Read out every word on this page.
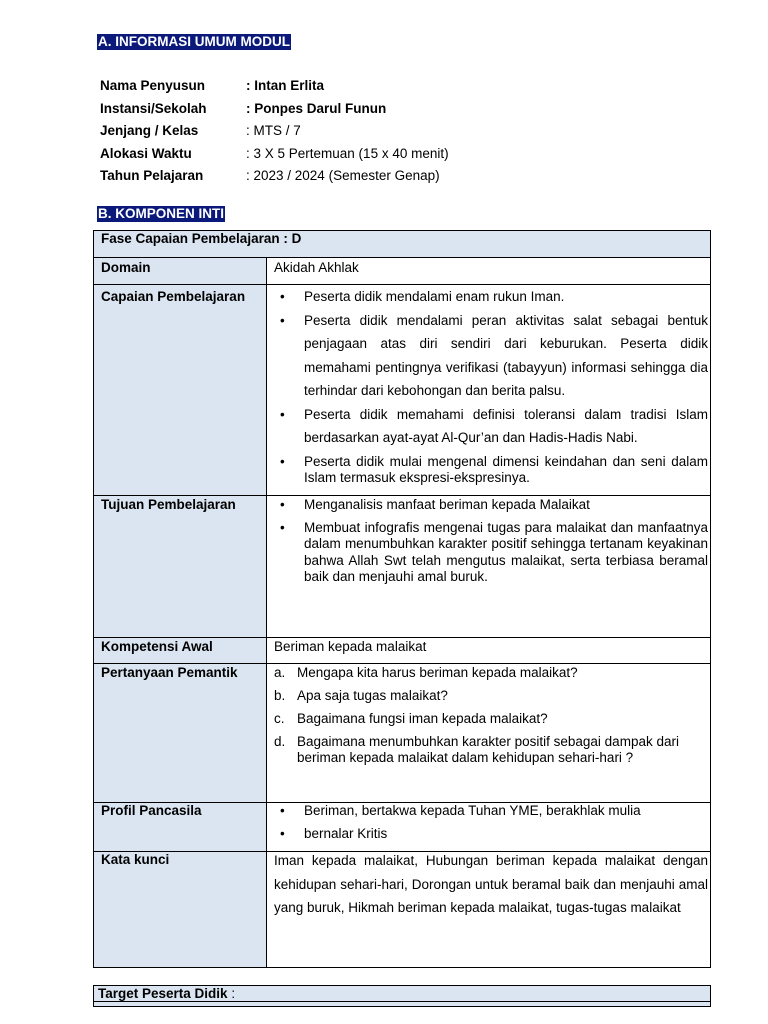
A. INFORMASI UMUM MODUL
Nama Penyusun	: Intan Erlita
Instansi/Sekolah	: Ponpes Darul Funun
Jenjang / Kelas	: MTS / 7
Alokasi Waktu	: 3 X 5 Pertemuan (15 x 40 menit)
Tahun Pelajaran	: 2023 / 2024 (Semester Genap)
B. KOMPONEN INTI
Fase Capaian Pembelajaran : D
Domain	Akidah Akhlak
Capaian Pembelajaran	• Peserta didik mendalami enam rukun Iman.
• Peserta didik mendalami peran aktivitas salat sebagai bentuk penjagaan atas diri sendiri dari keburukan. Peserta didik memahami pentingnya verifikasi (tabayyun) informasi sehingga dia terhindar dari kebohongan dan berita palsu.
• Peserta didik memahami definisi toleransi dalam tradisi Islam berdasarkan ayat-ayat Al-Qur’an dan Hadis-Hadis Nabi.
• Peserta didik mulai mengenal dimensi keindahan dan seni dalam Islam termasuk ekspresi-ekspresinya.
Tujuan Pembelajaran	• Menganalisis manfaat beriman kepada Malaikat
• Membuat infografis mengenai tugas para malaikat dan manfaatnya dalam menumbuhkan karakter positif sehingga tertanam keyakinan bahwa Allah Swt telah mengutus malaikat, serta terbiasa beramal baik dan menjauhi amal buruk.
Kompetensi Awal	Beriman kepada malaikat
Pertanyaan Pemantik	a. Mengapa kita harus beriman kepada malaikat?
b. Apa saja tugas malaikat?
c. Bagaimana fungsi iman kepada malaikat?
d. Bagaimana menumbuhkan karakter positif sebagai dampak dari beriman kepada malaikat dalam kehidupan sehari-hari ?
Profil Pancasila	• Beriman, bertakwa kepada Tuhan YME, berakhlak mulia
• bernalar Kritis
Kata kunci	Iman kepada malaikat, Hubungan beriman kepada malaikat dengan kehidupan sehari-hari, Dorongan untuk beramal baik dan menjauhi amal yang buruk, Hikmah beriman kepada malaikat, tugas-tugas malaikat
Target Peserta Didik :
